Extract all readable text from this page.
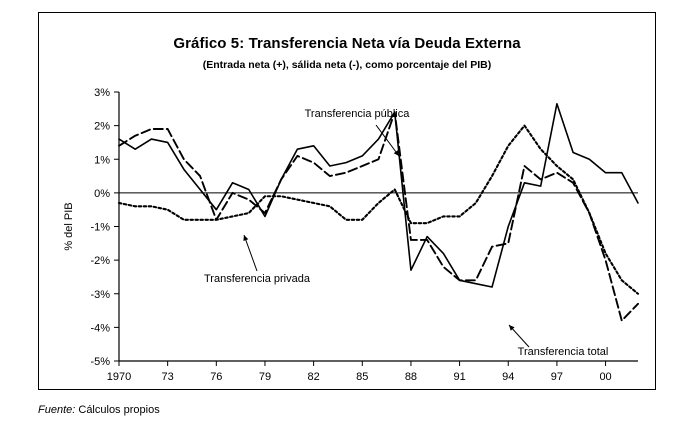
Gráfico 5: Transferencia Neta vía Deuda Externa
(Entrada neta (+), sálida neta (-), como porcentaje del PIB)
3%
2%
1%
0%
-1%
-2%
-3%
-4%
-5%
1970	73	76	79	82	85	88	91	94	97	00
Transferencia pública
Transferencia privada
Transferencia total
% del PIB
Fuente: Cálculos propios
